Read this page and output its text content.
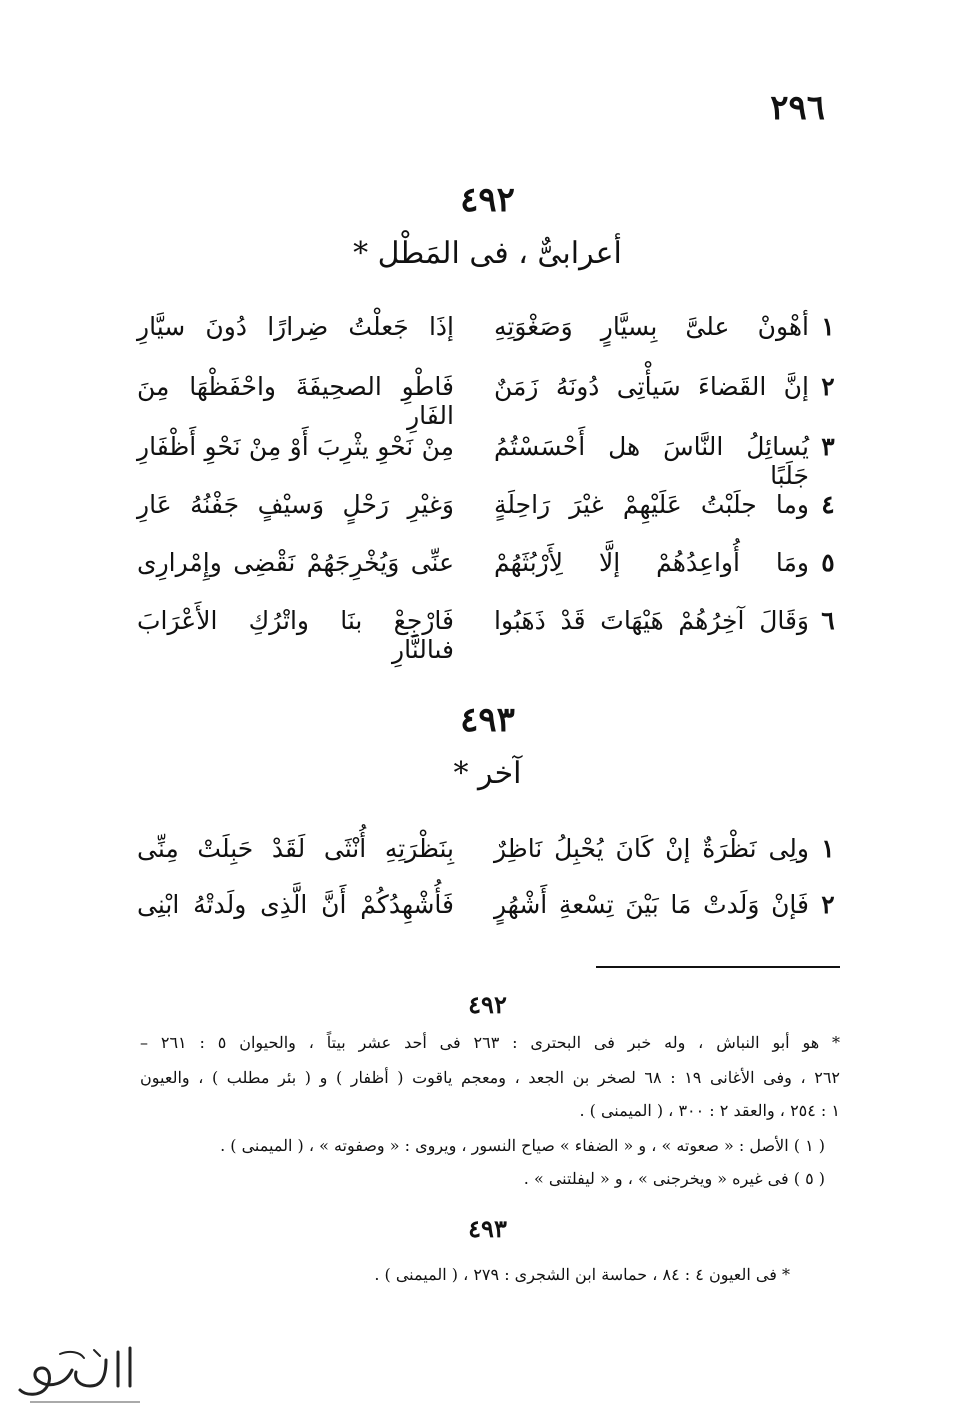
٢٩٦
٤٩٢
أعرابىٌّ ، فى المَطْل *
١
أهْونْ علىَّ بِسيَّارٍ وَصَغْوَتِهِ
إذَا جَعلْتُ ضِرارًا دُونَ سيَّارِ
٢
إنَّ القَضاءَ سَيأْتِى دُونَهُ زَمَنٌ
فَاطْوِ الصحِيفَةَ واحْفَظْهَا مِنَ الفَارِ
٣
يُسائِلُ النَّاسَ هل أَحْسَسْتُمُ جَلَبًا
مِنْ نَحْوِ يثْرِبَ أَوْ مِنْ نَحْوِ أَظْفَارِ
٤
وما جلَبْتُ عَلَيْهِمْ غيْرَ رَاحِلَةٍ
وَغيْرِ رَحْلٍ وَسيْفٍ جَفْنُهُ عَارِ
٥
ومَا أُواعِدُهُمْ إلَّا لِأَرْبُثَهُمْ
عنِّى وَيُخْرِجَهُمْ نَقْضِى وإِمْرارِى
٦
وَقَالَ آخِرُهُمْ هَيْهَاتَ قَدْ ذَهَبُوا
فَارْجِعْ بنَا واتْرُكِ الأَعْرَابَ فىالنَّارِ
٤٩٣
آخر *
١
ولِى نَظْرَةٌ إنْ كَانَ يُحْبِلُ نَاظِرٌ
بِنَظْرَتِهِ أُنْثَى لَقَدْ حَبِلَتْ مِنِّى
٢
فَإنْ وَلَدتْ مَا بَيْنَ تِسْعةِ أَشْهُرٍ
فَأُشْهِدُكُمْ أَنَّ الَّذِى ولَدتْهُ ابْنِى
٤٩٢
* هو أبو النباش ، وله خبر فى البحترى : ٢٦٣ فى أحد عشر بيتاً ، والحيوان ٥ : ٢٦١ –
٢٦٢ ، وفى الأغانى ١٩ : ٦٨ لصخر بن الجعد ، ومعجم ياقوت ( أظفار ) و ( بئر مطلب ) ، والعيون
١ : ٢٥٤ ، والعقد ٢ : ٣٠٠ ، ( الميمنى ) .
( ١ ) الأصل : « صعوته » ، و « الضفاء » صياح النسور ، ويروى : « وصفوته » ، ( الميمنى ) .
( ٥ ) فى غيره « ويخرجنى » ، و « ليفلتنى » .
٤٩٣
* فى العيون ٤ : ٨٤ ، حماسة ابن الشجرى : ٢٧٩ ، ( الميمنى ) .
